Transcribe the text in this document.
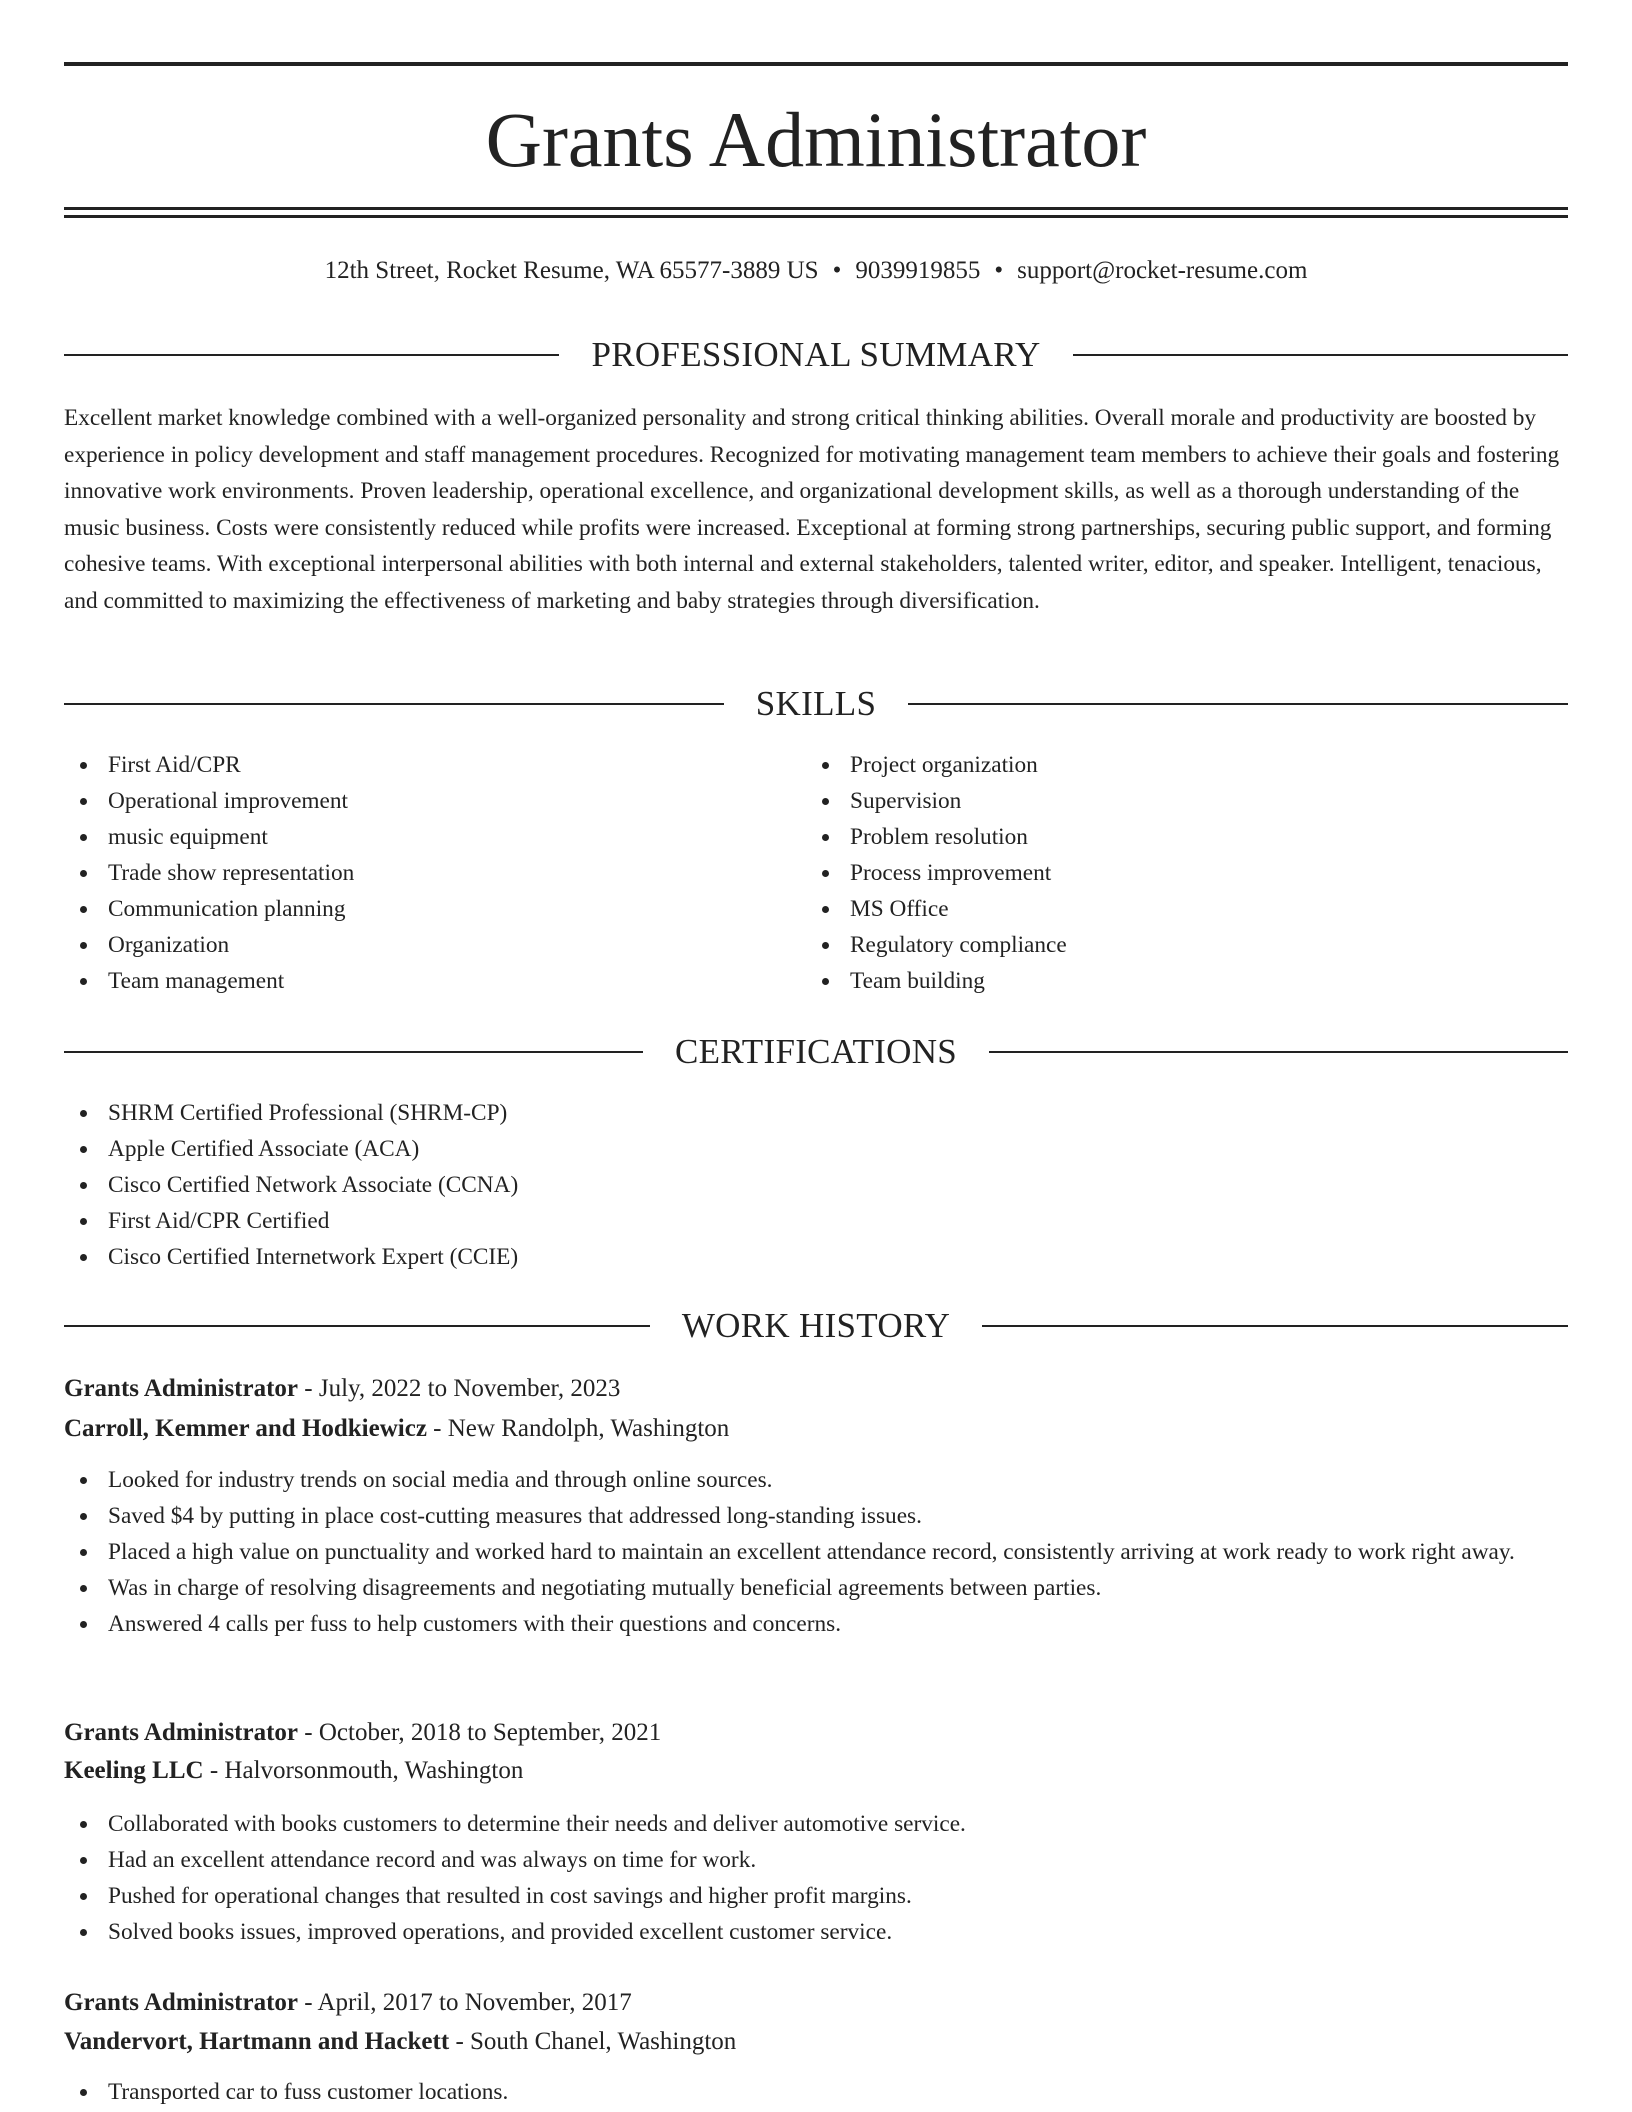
Grants Administrator
12th Street, Rocket Resume, WA 65577-3889 US • 9039919855 • support@rocket-resume.com
PROFESSIONAL SUMMARY

Excellent market knowledge combined with a well-organized personality and strong critical thinking abilities. Overall morale and productivity are boosted by experience in policy development and staff management procedures. Recognized for motivating management team members to achieve their goals and fostering innovative work environments. Proven leadership, operational excellence, and organizational development skills, as well as a thorough understanding of the music business. Costs were consistently reduced while profits were increased. Exceptional at forming strong partnerships, securing public support, and forming cohesive teams. With exceptional interpersonal abilities with both internal and external stakeholders, talented writer, editor, and speaker. Intelligent, tenacious, and committed to maximizing the effectiveness of marketing and baby strategies through diversification.

SKILLS
First Aid/CPR
Operational improvement
music equipment
Trade show representation
Communication planning
Organization
Team management
Project organization
Supervision
Problem resolution
Process improvement
MS Office
Regulatory compliance
Team building
CERTIFICATIONS
SHRM Certified Professional (SHRM-CP)
Apple Certified Associate (ACA)
Cisco Certified Network Associate (CCNA)
First Aid/CPR Certified
Cisco Certified Internetwork Expert (CCIE)
WORK HISTORY
Grants Administrator - July, 2022 to November, 2023
Carroll, Kemmer and Hodkiewicz - New Randolph, Washington
Looked for industry trends on social media and through online sources.
Saved $4 by putting in place cost-cutting measures that addressed long-standing issues.
Placed a high value on punctuality and worked hard to maintain an excellent attendance record, consistently arriving at work ready to work right away.
Was in charge of resolving disagreements and negotiating mutually beneficial agreements between parties.
Answered 4 calls per fuss to help customers with their questions and concerns.
Grants Administrator - October, 2018 to September, 2021
Keeling LLC - Halvorsonmouth, Washington
Collaborated with books customers to determine their needs and deliver automotive service.
Had an excellent attendance record and was always on time for work.
Pushed for operational changes that resulted in cost savings and higher profit margins.
Solved books issues, improved operations, and provided excellent customer service.
Grants Administrator - April, 2017 to November, 2017
Vandervort, Hartmann and Hackett - South Chanel, Washington
Transported car to fuss customer locations.
